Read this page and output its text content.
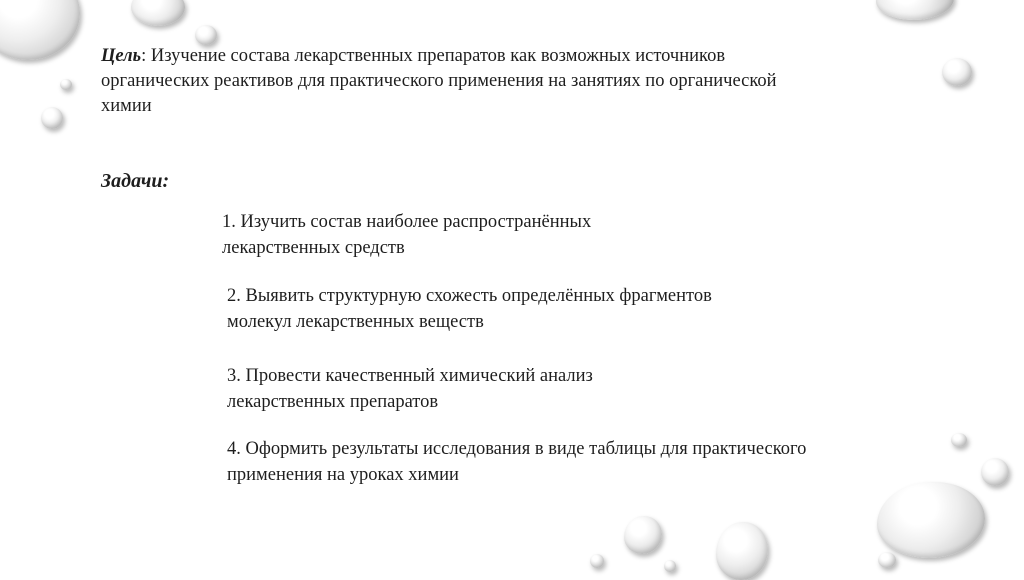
Цель: Изучение состава лекарственных препаратов как возможных источников органических реактивов для практического применения на занятиях по органической химии
Задачи:
1. Изучить состав наиболее распространённых лекарственных средств
2. Выявить структурную схожесть определённых фрагментов молекул лекарственных веществ
3. Провести качественный химический анализ лекарственных препаратов
4. Оформить результаты исследования в виде таблицы для практического применения на уроках химии
